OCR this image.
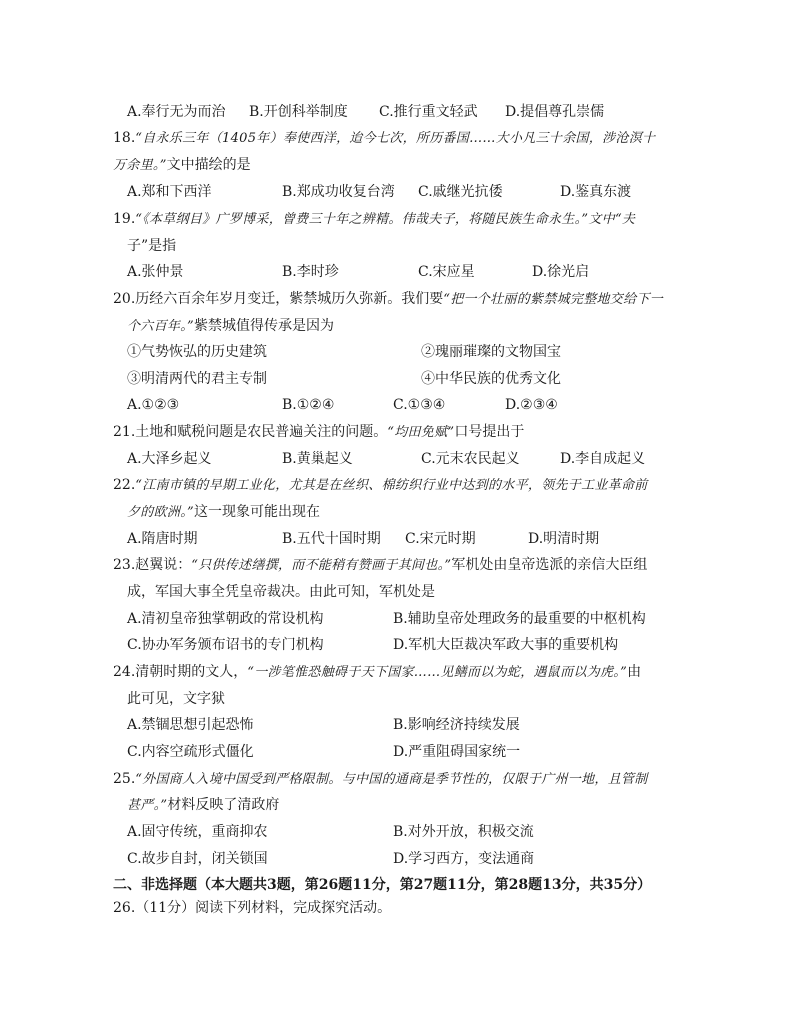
A.奉行无为而治 B.开创科举制度 C.推行重文轻武 D.提倡尊孔崇儒
18.“自永乐三年（1405年）奉使西洋，迨今七次，所历番国……大小凡三十余国，涉沧溟十
万余里。”文中描绘的是
A.郑和下西洋	B.郑成功收复台湾 C.戚继光抗倭	D.鉴真东渡
19.“《本草纲目》广罗博采，曾费三十年之辨精。伟哉夫子，将随民族生命永生。”文中“夫
子”是指
A.张仲景	B.李时珍	C.宋应星	D.徐光启
20.历经六百余年岁月变迁，紫禁城历久弥新。我们要“把一个壮丽的紫禁城完整地交给下一
个六百年。”紫禁城值得传承是因为
①气势恢弘的历史建筑	②瑰丽璀璨的文物国宝
③明清两代的君主专制	④中华民族的优秀文化
A.①②③	B.①②④	C.①③④	D.②③④
21.土地和赋税问题是农民普遍关注的问题。“均田免赋”口号提出于
A.大泽乡起义	B.黄巢起义	C.元末农民起义	D.李自成起义
22.“江南市镇的早期工业化，尤其是在丝织、棉纺织行业中达到的水平，领先于工业革命前
夕的欧洲。”这一现象可能出现在
A.隋唐时期	B.五代十国时期 C.宋元时期	D.明清时期
23.赵翼说：“只供传述缮撰，而不能稍有赞画于其间也。”军机处由皇帝选派的亲信大臣组
成，军国大事全凭皇帝裁决。由此可知，军机处是
A.清初皇帝独掌朝政的常设机构	B.辅助皇帝处理政务的最重要的中枢机构
C.协办军务颁布诏书的专门机构	D.军机大臣裁决军政大事的重要机构
24.清朝时期的文人，“一涉笔惟恐触碍于天下国家……见鳝而以为蛇，遇鼠而以为虎。”由
此可见，文字狱
A.禁锢思想引起恐怖	B.影响经济持续发展
C.内容空疏形式僵化	D.严重阻碍国家统一
25.“外国商人入境中国受到严格限制。与中国的通商是季节性的，仅限于广州一地，且管制
甚严。”材料反映了清政府
A.固守传统，重商抑农	B.对外开放，积极交流
C.故步自封，闭关锁国	D.学习西方，变法通商
二、非选择题（本大题共3题，第26题11分，第27题11分，第28题13分，共35分）
26.（11分）阅读下列材料，完成探究活动。
